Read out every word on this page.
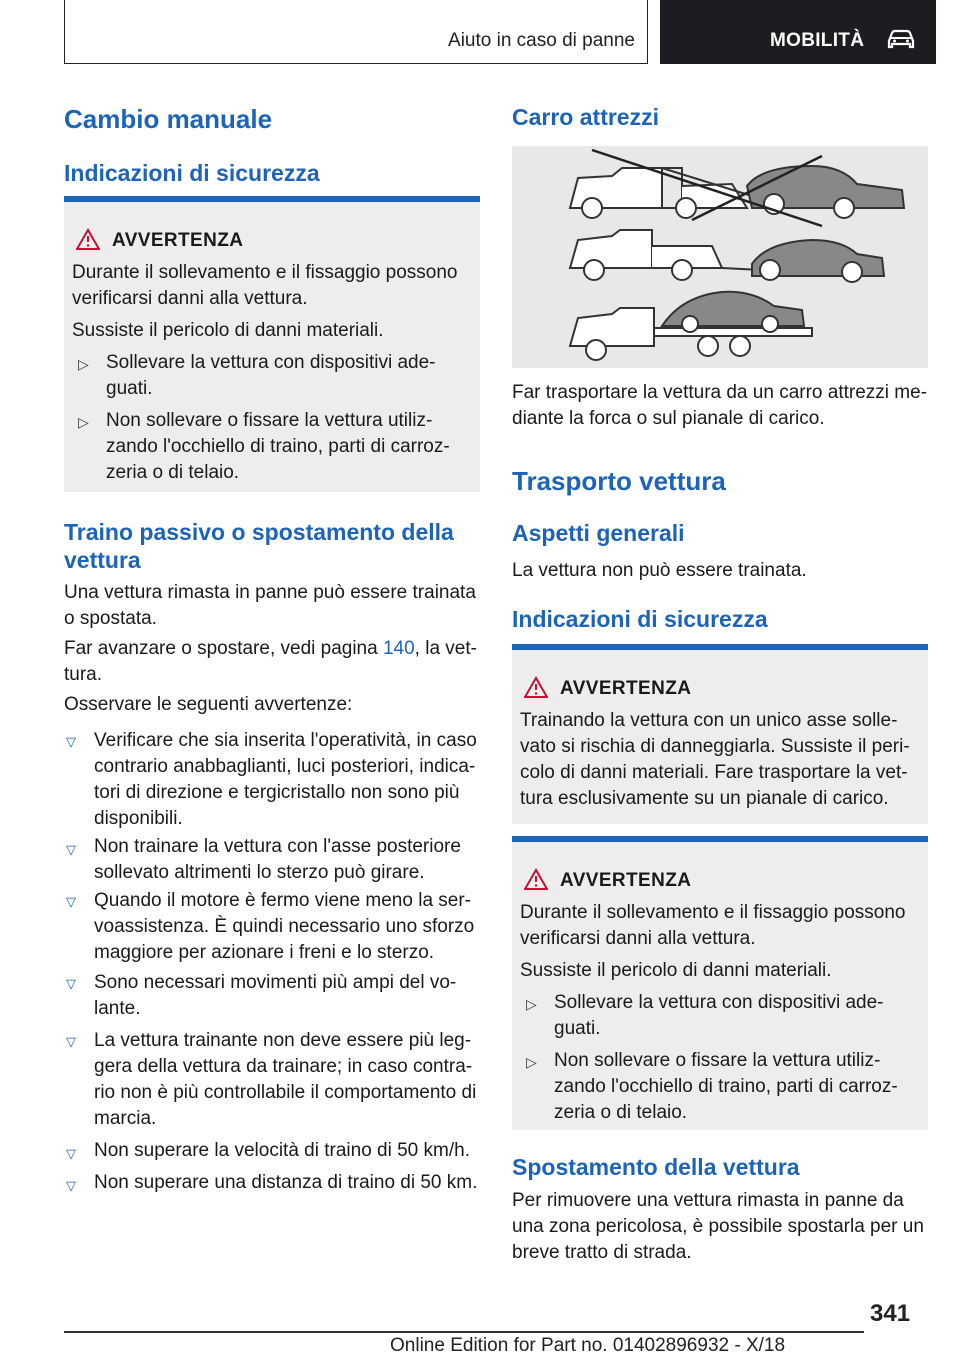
Aiuto in caso di panne	MOBILITÀ
Cambio manuale
Indicazioni di sicurezza
AVVERTENZA
Durante il sollevamento e il fissaggio possono verificarsi danni alla vettura.
Sussiste il pericolo di danni materiali.
▷ Sollevare la vettura con dispositivi ade-guati.
▷ Non sollevare o fissare la vettura utiliz-zando l'occhiello di traino, parti di carroz-zeria o di telaio.
Traino passivo o spostamento della vettura

Una vettura rimasta in panne può essere trainata o spostata.

Far avanzare o spostare, vedi pagina 140, la vet-tura.

Osservare le seguenti avvertenze:

▽ Verificare che sia inserita l'operatività, in caso contrario anabbaglianti, luci posteriori, indica-tori di direzione e tergicristallo non sono più disponibili.
▽ Non trainare la vettura con l'asse posteriore sollevato altrimenti lo sterzo può girare.
▽ Quando il motore è fermo viene meno la ser-voassistenza. È quindi necessario uno sforzo maggiore per azionare i freni e lo sterzo.
▽ Sono necessari movimenti più ampi del vo-lante.
▽ La vettura trainante non deve essere più leg-gera della vettura da trainare; in caso contra-rio non è più controllabile il comportamento di marcia.
▽ Non superare la velocità di traino di 50 km/h.
▽ Non superare una distanza di traino di 50 km.
Carro attrezzi

Far trasportare la vettura da un carro attrezzi me-diante la forca o sul pianale di carico.

Trasporto vettura
Aspetti generali

La vettura non può essere trainata.

Indicazioni di sicurezza
AVVERTENZA
Trainando la vettura con un unico asse solle-vato si rischia di danneggiarla. Sussiste il peri-colo di danni materiali. Fare trasportare la vet-tura esclusivamente su un pianale di carico.
AVVERTENZA
Durante il sollevamento e il fissaggio possono verificarsi danni alla vettura.
Sussiste il pericolo di danni materiali.
▷ Sollevare la vettura con dispositivi ade-guati.
▷ Non sollevare o fissare la vettura utiliz-zando l'occhiello di traino, parti di carroz-zeria o di telaio.
Spostamento della vettura

Per rimuovere una vettura rimasta in panne da una zona pericolosa, è possibile spostarla per un breve tratto di strada.

341
Online Edition for Part no. 01402896932 - X/18
